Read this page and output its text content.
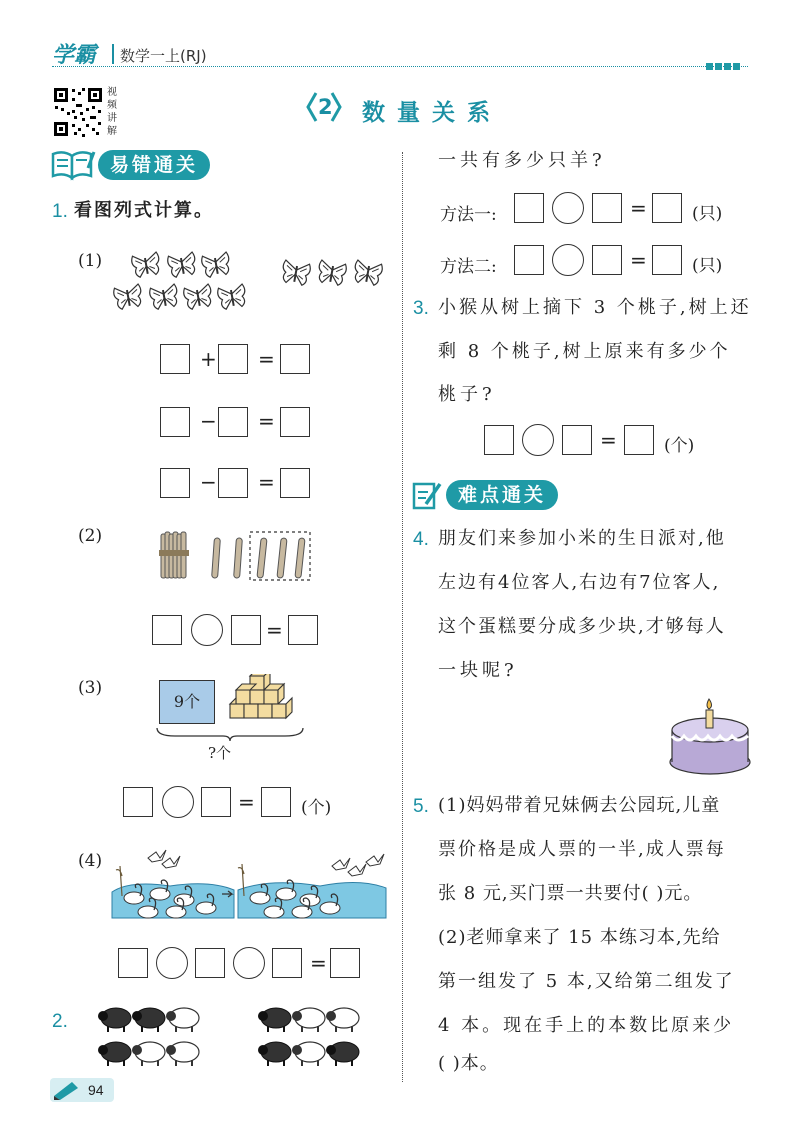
学霸 数学一上(RJ)
视频讲解
2 数 量 关 系
易错通关
1. 看图列式计算。
(1)
+ =
− =
− =
(2)
=
(3)
9个
?个
=	(个)
(4)
=
2.
94
一共有多少只羊?
方法一:	=	(只)
方法二:	=	(只)
3. 小猴从树上摘下 3 个桃子,树上还
剩 8 个桃子,树上原来有多少个
桃子?
=	(个)
难点通关
4. 朋友们来参加小米的生日派对,他
左边有4位客人,右边有7位客人,
这个蛋糕要分成多少块,才够每人
一块呢?
5. (1)妈妈带着兄妹俩去公园玩,儿童
票价格是成人票的一半,成人票每
张 8 元,买门票一共要付( )元。
(2)老师拿来了 15 本练习本,先给
第一组发了 5 本,又给第二组发了
4 本。现在手上的本数比原来少
( )本。
